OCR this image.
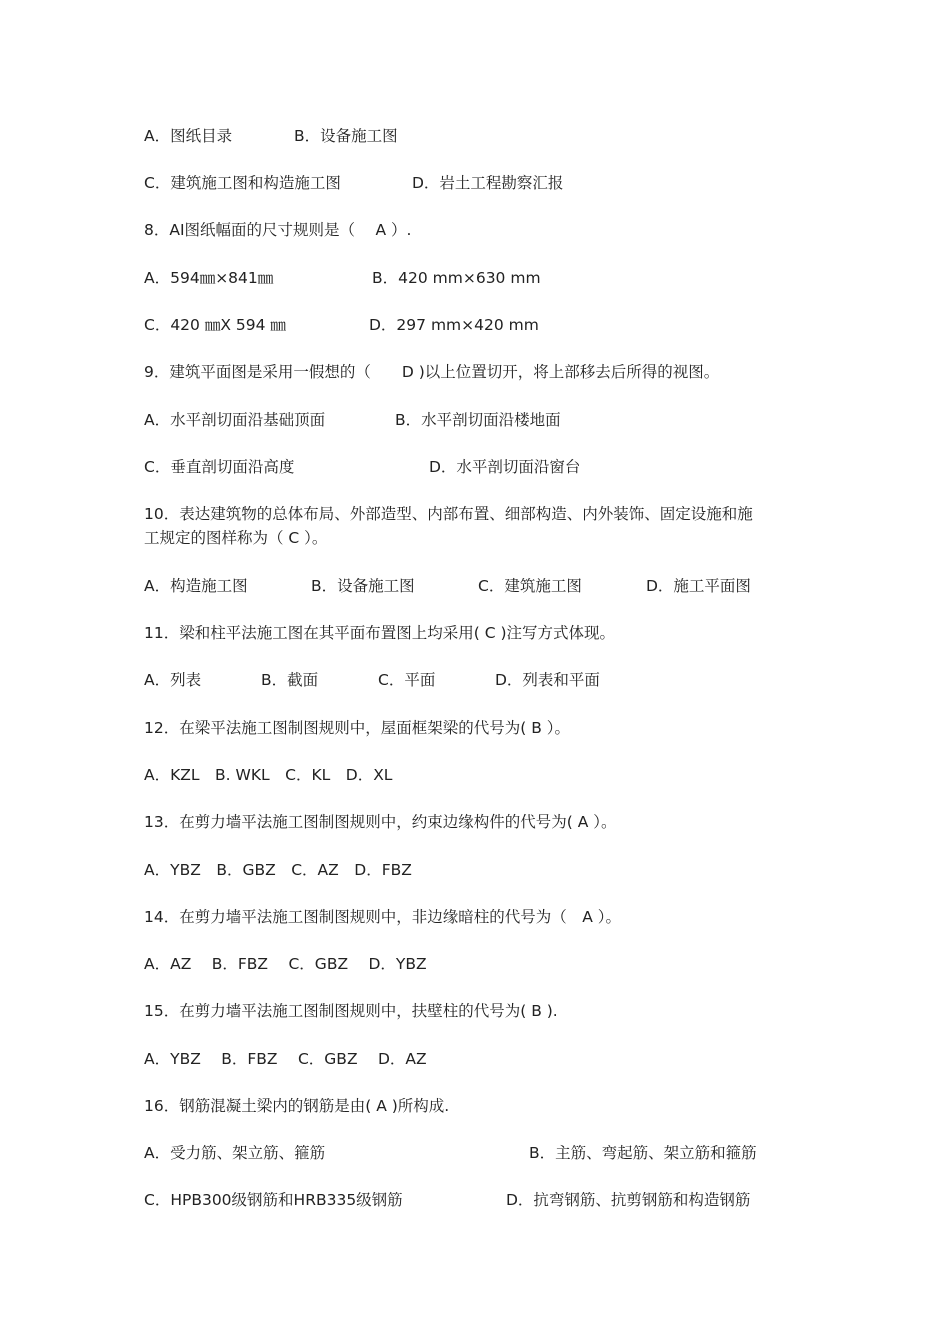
A．图纸目录	B．设备施工图
C．建筑施工图和构造施工图	D．岩土工程勘察汇报
8．AI图纸幅面的尺寸规则是（　 A ）.
A．594㎜×841㎜	B．420 mm×630 mm
C．420 ㎜X 594 ㎜	D．297 mm×420 mm
9．建筑平面图是采用一假想的（　　D )以上位置切开，将上部移去后所得的视图。
A．水平剖切面沿基础顶面	B．水平剖切面沿楼地面
C．垂直剖切面沿高度	D．水平剖切面沿窗台
10．表达建筑物的总体布局、外部造型、内部布置、细部构造、内外装饰、固定设施和施
工规定的图样称为（ C ）。
A．构造施工图	B．设备施工图	C．建筑施工图	D．施工平面图
11．梁和柱平法施工图在其平面布置图上均采用( C )注写方式体现。
A．列表	B．截面	C．平面	D．列表和平面
12．在梁平法施工图制图规则中，屋面框架梁的代号为( B ）。
A．KZL　B. WKL　C．KL　D．XL
13．在剪力墙平法施工图制图规则中，约束边缘构件的代号为( A ）。
A．YBZ　B．GBZ　C．AZ　D．FBZ
14．在剪力墙平法施工图制图规则中，非边缘暗柱的代号为（　A ）。
A．AZ　 B．FBZ　 C．GBZ　 D．YBZ
15．在剪力墙平法施工图制图规则中，扶壁柱的代号为( B ).
A．YBZ　 B．FBZ　 C．GBZ　 D．AZ
16．钢筋混凝土梁内的钢筋是由( A )所构成.
A．受力筋、架立筋、箍筋	B．主筋、弯起筋、架立筋和箍筋
C．HPB300级钢筋和HRB335级钢筋	D．抗弯钢筋、抗剪钢筋和构造钢筋
